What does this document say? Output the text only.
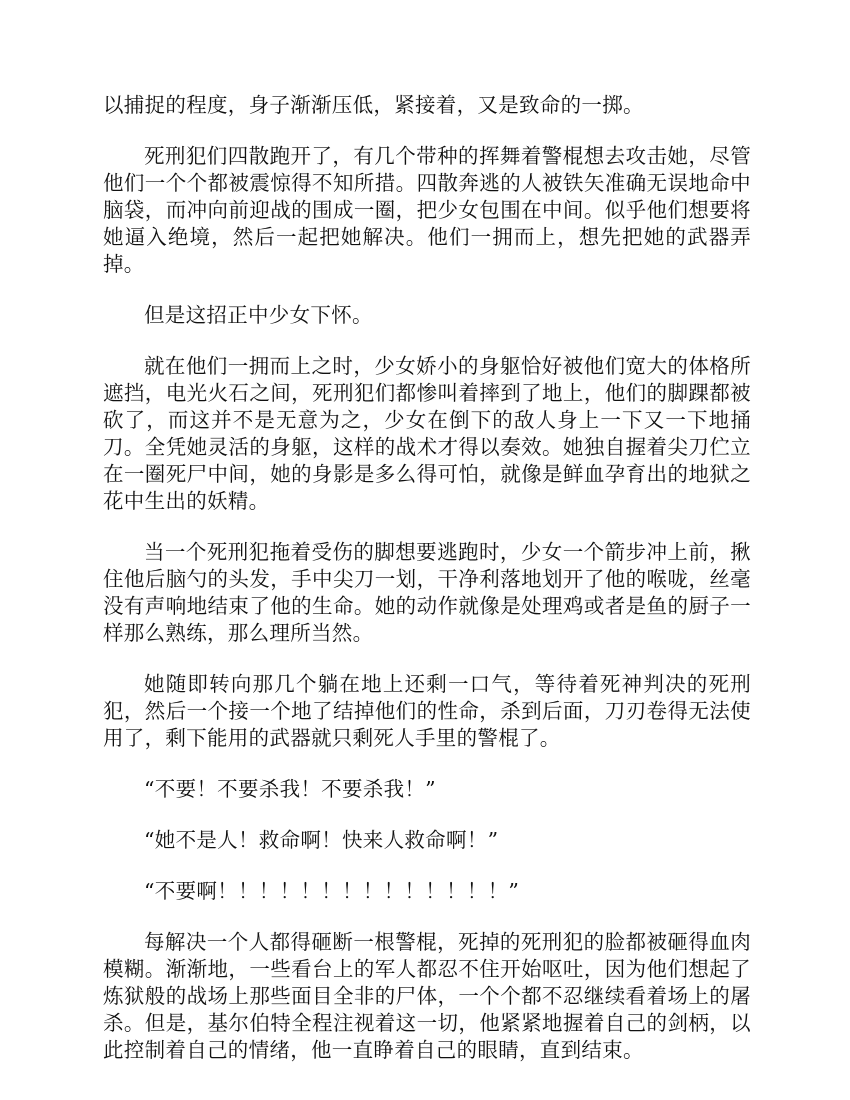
以捕捉的程度，身子渐渐压低，紧接着，又是致命的一掷。

死刑犯们四散跑开了，有几个带种的挥舞着警棍想去攻击她，尽管他们一个个都被震惊得不知所措。四散奔逃的人被铁矢准确无误地命中脑袋，而冲向前迎战的围成一圈，把少女包围在中间。似乎他们想要将她逼入绝境，然后一起把她解决。他们一拥而上，想先把她的武器弄掉。

但是这招正中少女下怀。

就在他们一拥而上之时，少女娇小的身躯恰好被他们宽大的体格所遮挡，电光火石之间，死刑犯们都惨叫着摔到了地上，他们的脚踝都被砍了，而这并不是无意为之，少女在倒下的敌人身上一下又一下地捅刀。全凭她灵活的身躯，这样的战术才得以奏效。她独自握着尖刀伫立在一圈死尸中间，她的身影是多么得可怕，就像是鲜血孕育出的地狱之花中生出的妖精。

当一个死刑犯拖着受伤的脚想要逃跑时，少女一个箭步冲上前，揪住他后脑勺的头发，手中尖刀一划，干净利落地划开了他的喉咙，丝毫没有声响地结束了他的生命。她的动作就像是处理鸡或者是鱼的厨子一样那么熟练，那么理所当然。

她随即转向那几个躺在地上还剩一口气，等待着死神判决的死刑犯，然后一个接一个地了结掉他们的性命，杀到后面，刀刃卷得无法使用了，剩下能用的武器就只剩死人手里的警棍了。

“不要！不要杀我！不要杀我！”

“她不是人！救命啊！快来人救命啊！”

“不要啊！！！！！！！！！！！！！！”

每解决一个人都得砸断一根警棍，死掉的死刑犯的脸都被砸得血肉模糊。渐渐地，一些看台上的军人都忍不住开始呕吐，因为他们想起了炼狱般的战场上那些面目全非的尸体，一个个都不忍继续看着场上的屠杀。但是，基尔伯特全程注视着这一切，他紧紧地握着自己的剑柄，以此控制着自己的情绪，他一直睁着自己的眼睛，直到结束。
